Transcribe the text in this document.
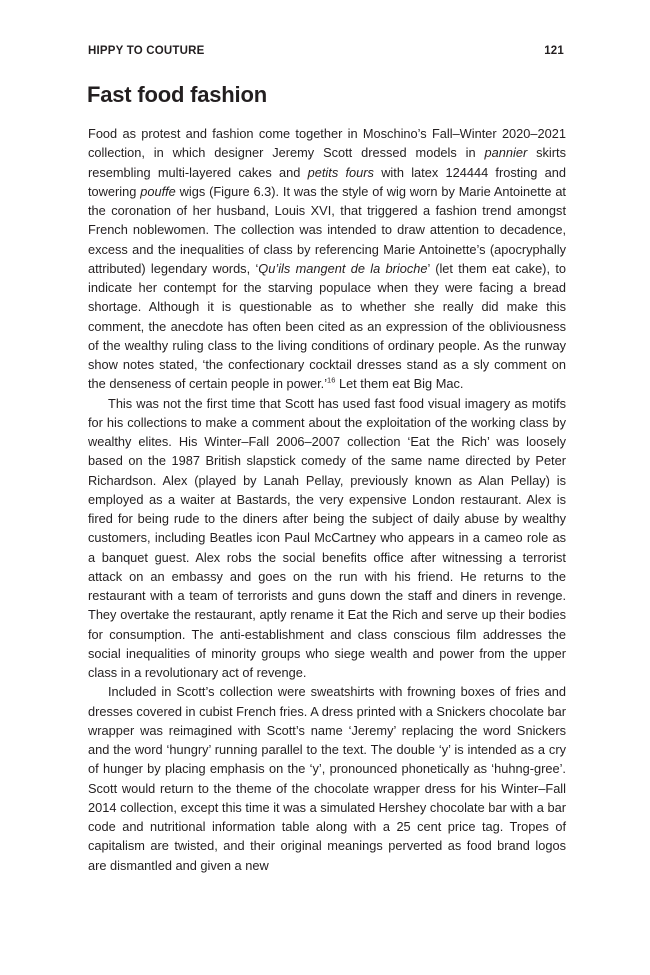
HIPPY TO COUTURE	121
Fast food fashion

Food as protest and fashion come together in Moschino’s Fall–Winter 2020–2021 collection, in which designer Jeremy Scott dressed models in pannier skirts resembling multi-layered cakes and petits fours with latex 124444 frosting and towering pouffe wigs (Figure 6.3). It was the style of wig worn by Marie Antoinette at the coronation of her husband, Louis XVI, that triggered a fashion trend amongst French noblewomen. The collection was intended to draw attention to decadence, excess and the inequalities of class by referencing Marie Antoinette’s (apocryphally attributed) legendary words, ‘Qu’ils mangent de la brioche’ (let them eat cake), to indicate her contempt for the starving populace when they were facing a bread shortage. Although it is questionable as to whether she really did make this comment, the anecdote has often been cited as an expression of the obliviousness of the wealthy ruling class to the living conditions of ordinary people. As the runway show notes stated, ‘the confectionary cocktail dresses stand as a sly comment on the denseness of certain people in power.’$^{16}$ Let them eat Big Mac.

This was not the first time that Scott has used fast food visual imagery as motifs for his collections to make a comment about the exploitation of the working class by wealthy elites. His Winter–Fall 2006–2007 collection ‘Eat the Rich’ was loosely based on the 1987 British slapstick comedy of the same name directed by Peter Richardson. Alex (played by Lanah Pellay, previously known as Alan Pellay) is employed as a waiter at Bastards, the very expensive London restaurant. Alex is fired for being rude to the diners after being the subject of daily abuse by wealthy customers, including Beatles icon Paul McCartney who appears in a cameo role as a banquet guest. Alex robs the social benefits office after witnessing a terrorist attack on an embassy and goes on the run with his friend. He returns to the restaurant with a team of terrorists and guns down the staff and diners in revenge. They overtake the restaurant, aptly rename it Eat the Rich and serve up their bodies for consumption. The anti-establishment and class conscious film addresses the social inequalities of minority groups who siege wealth and power from the upper class in a revolutionary act of revenge.

Included in Scott’s collection were sweatshirts with frowning boxes of fries and dresses covered in cubist French fries. A dress printed with a Snickers chocolate bar wrapper was reimagined with Scott’s name ‘Jeremy’ replacing the word Snickers and the word ‘hungry’ running parallel to the text. The double ‘y’ is intended as a cry of hunger by placing emphasis on the ‘y’, pronounced phonetically as ‘huhng-gree’. Scott would return to the theme of the chocolate wrapper dress for his Winter–Fall 2014 collection, except this time it was a simulated Hershey chocolate bar with a bar code and nutritional information table along with a 25 cent price tag. Tropes of capitalism are twisted, and their original meanings perverted as food brand logos are dismantled and given a new
